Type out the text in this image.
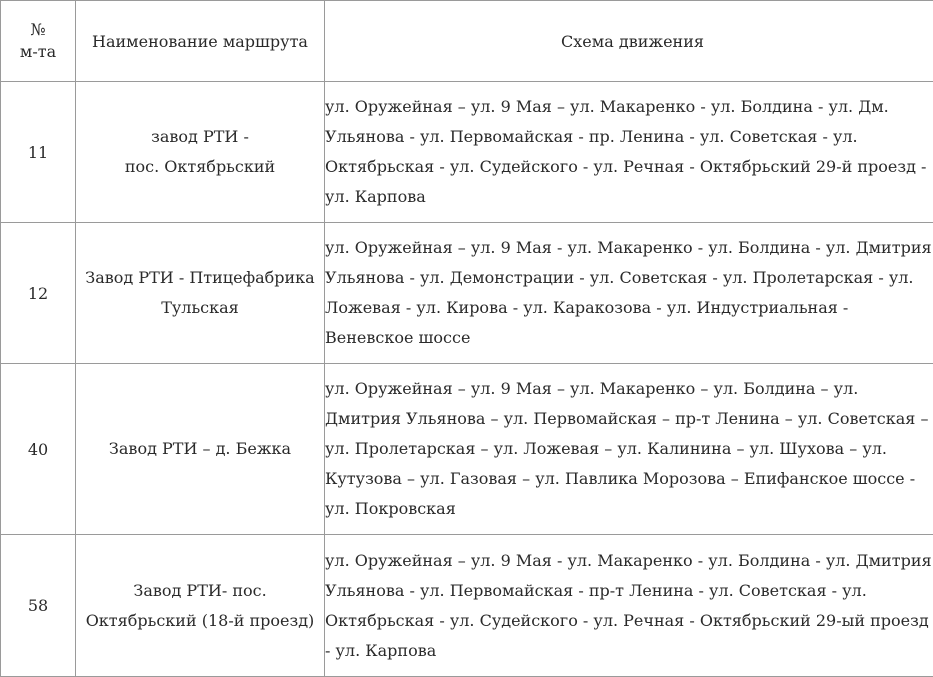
№
м-та	Наименование маршрута	Схема движения
11	завод РТИ -
пос. Октябрьский	ул. Оружейная – ул. 9 Мая – ул. Макаренко - ул. Болдина - ул. Дм.
Ульянова - ул. Первомайская - пр. Ленина - ул. Советская - ул.
Октябрьская - ул. Судейского - ул. Речная - Октябрьский 29-й проезд -
ул. Карпова

12	Завод РТИ - Птицефабрика
Тульская	ул. Оружейная – ул. 9 Мая - ул. Макаренко - ул. Болдина - ул. Дмитрия
Ульянова - ул. Демонстрации - ул. Советская - ул. Пролетарская - ул.
Ложевая - ул. Кирова - ул. Каракозова - ул. Индустриальная -
Веневское шоссе

40	Завод РТИ – д. Бежка	ул. Оружейная – ул. 9 Мая – ул. Макаренко – ул. Болдина – ул.
Дмитрия Ульянова – ул. Первомайская – пр-т Ленина – ул. Советская –
ул. Пролетарская – ул. Ложевая – ул. Калинина – ул. Шухова – ул.
Кутузова – ул. Газовая – ул. Павлика Морозова – Епифанское шоссе -
ул. Покровская

58	Завод РТИ- пос.
Октябрьский (18-й проезд)	ул. Оружейная – ул. 9 Мая - ул. Макаренко - ул. Болдина - ул. Дмитрия
Ульянова - ул. Первомайская - пр-т Ленина - ул. Советская - ул.
Октябрьская - ул. Судейского - ул. Речная - Октябрьский 29-ый проезд
- ул. Карпова
